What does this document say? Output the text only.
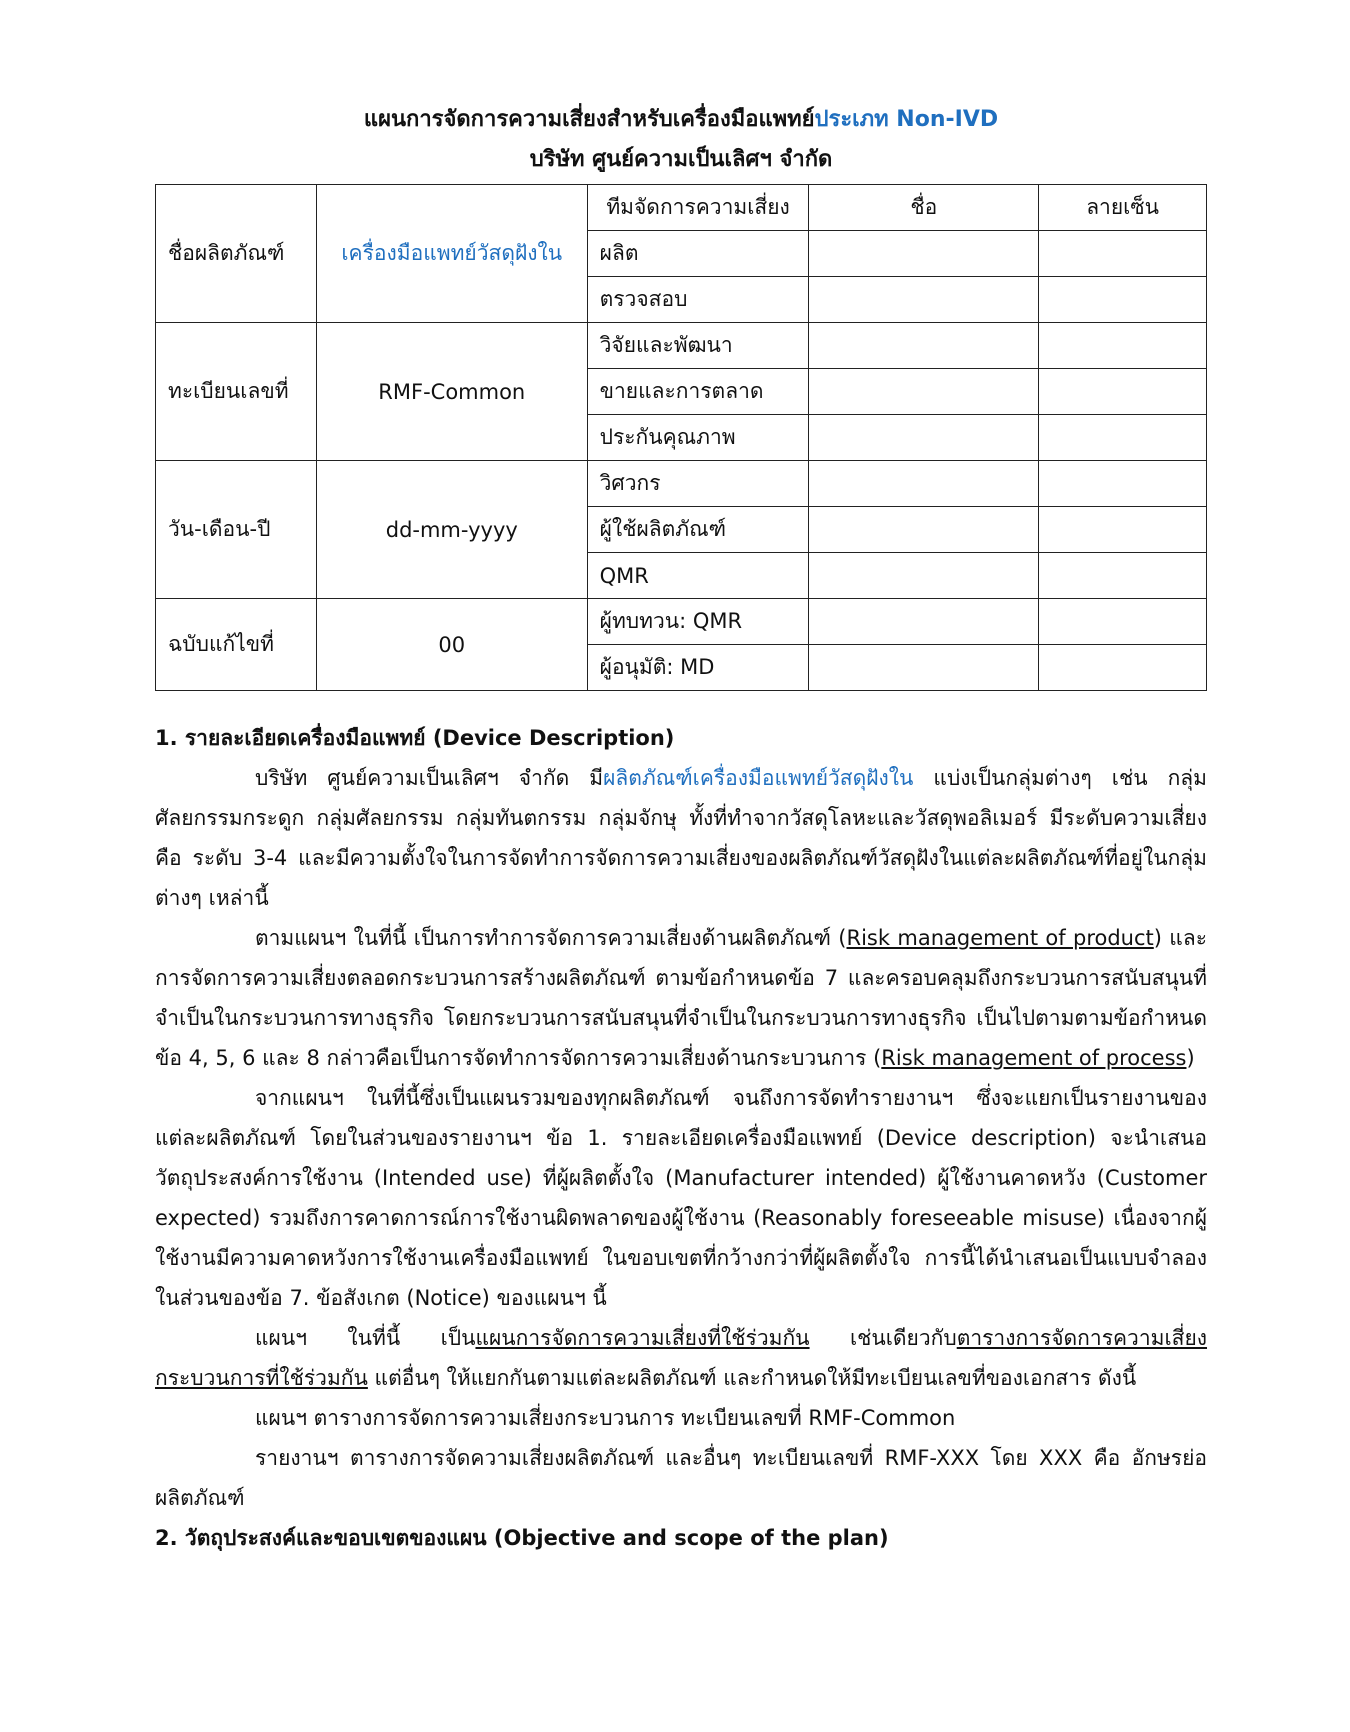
แผนการจัดการความเสี่ยงสำหรับเครื่องมือแพทย์ประเภท Non-IVD

บริษัท ศูนย์ความเป็นเลิศฯ จำกัด

ชื่อผลิตภัณฑ์	เครื่องมือแพทย์วัสดุฝังใน	ทีมจัดการความเสี่ยง	ชื่อ	ลายเซ็น
		ผลิต		
		ตรวจสอบ		
ทะเบียนเลขที่	RMF-Common	วิจัยและพัฒนา		
		ขายและการตลาด		
		ประกันคุณภาพ		
วัน-เดือน-ปี	dd-mm-yyyy	วิศวกร		
		ผู้ใช้ผลิตภัณฑ์		
		QMR		
ฉบับแก้ไขที่	00	ผู้ทบทวน: QMR		
		ผู้อนุมัติ: MD		

1. รายละเอียดเครื่องมือแพทย์ (Device Description)

บริษัท ศูนย์ความเป็นเลิศฯ จำกัด มีผลิตภัณฑ์เครื่องมือแพทย์วัสดุฝังใน แบ่งเป็นกลุ่มต่างๆ เช่น กลุ่มศัลยกรรมกระดูก กลุ่มศัลยกรรม กลุ่มทันตกรรม กลุ่มจักษุ ทั้งที่ทำจากวัสดุโลหะและวัสดุพอลิเมอร์ มีระดับความเสี่ยง คือ ระดับ 3-4 และมีความตั้งใจในการจัดทำการจัดการความเสี่ยงของผลิตภัณฑ์วัสดุฝังในแต่ละผลิตภัณฑ์ที่อยู่ในกลุ่มต่างๆ เหล่านี้

ตามแผนฯ ในที่นี้ เป็นการทำการจัดการความเสี่ยงด้านผลิตภัณฑ์ (Risk management of product) และการจัดการความเสี่ยงตลอดกระบวนการสร้างผลิตภัณฑ์ ตามข้อกำหนดข้อ 7 และครอบคลุมถึงกระบวนการสนับสนุนที่จำเป็นในกระบวนการทางธุรกิจ โดยกระบวนการสนับสนุนที่จำเป็นในกระบวนการทางธุรกิจ เป็นไปตามตามข้อกำหนดข้อ 4, 5, 6 และ 8 กล่าวคือเป็นการจัดทำการจัดการความเสี่ยงด้านกระบวนการ (Risk management of process)

จากแผนฯ ในที่นี้ซึ่งเป็นแผนรวมของทุกผลิตภัณฑ์ จนถึงการจัดทำรายงานฯ ซึ่งจะแยกเป็นรายงานของแต่ละผลิตภัณฑ์ โดยในส่วนของรายงานฯ ข้อ 1. รายละเอียดเครื่องมือแพทย์ (Device description) จะนำเสนอวัตถุประสงค์การใช้งาน (Intended use) ที่ผู้ผลิตตั้งใจ (Manufacturer intended) ผู้ใช้งานคาดหวัง (Customer expected) รวมถึงการคาดการณ์การใช้งานผิดพลาดของผู้ใช้งาน (Reasonably foreseeable misuse) เนื่องจากผู้ใช้งานมีความคาดหวังการใช้งานเครื่องมือแพทย์ ในขอบเขตที่กว้างกว่าที่ผู้ผลิตตั้งใจ การนี้ได้นำเสนอเป็นแบบจำลอง ในส่วนของข้อ 7. ข้อสังเกต (Notice) ของแผนฯ นี้

แผนฯ ในที่นี้ เป็นแผนการจัดการความเสี่ยงที่ใช้ร่วมกัน เช่นเดียวกับตารางการจัดการความเสี่ยงกระบวนการที่ใช้ร่วมกัน แต่อื่นๆ ให้แยกกันตามแต่ละผลิตภัณฑ์ และกำหนดให้มีทะเบียนเลขที่ของเอกสาร ดังนี้

แผนฯ ตารางการจัดการความเสี่ยงกระบวนการ ทะเบียนเลขที่ RMF-Common

รายงานฯ ตารางการจัดความเสี่ยงผลิตภัณฑ์ และอื่นๆ ทะเบียนเลขที่ RMF-XXX โดย XXX คือ อักษรย่อผลิตภัณฑ์

2. วัตถุประสงค์และขอบเขตของแผน (Objective and scope of the plan)
